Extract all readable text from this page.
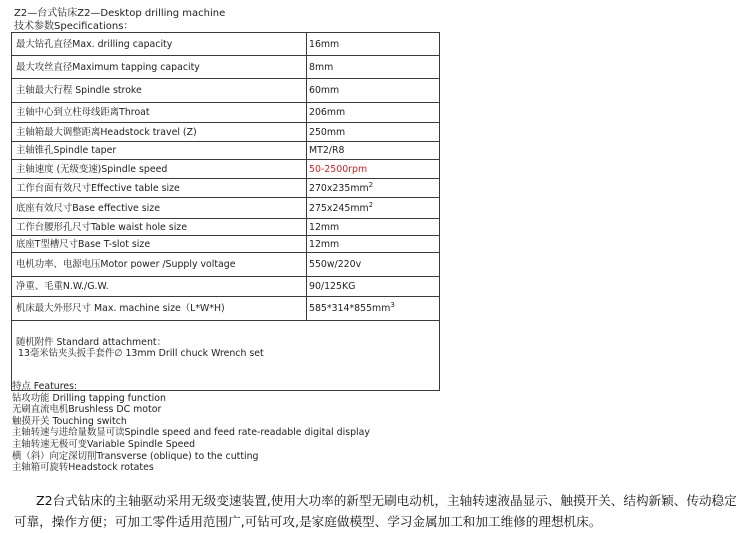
Z2—台式钻床Z2—Desktop drilling machine
技术参数Specifications：
最大钻孔直径Max. drilling capacity	16mm
最大攻丝直径Maximum tapping capacity	8mm
主轴最大行程 Spindle stroke	60mm
主轴中心到立柱母线距离Throat	206mm
主轴箱最大调整距离Headstock travel (Z)	250mm
主轴锥孔Spindle taper	MT2/R8
主轴速度 (无级变速)Spindle speed	50-2500rpm
工作台面有效尺寸Effective table size	$270x235mm^2$
底座有效尺寸Base effective size	$275x245mm^2$
工作台腰形孔尺寸Table waist hole size	12mm
底座T型槽尺寸Base T-slot size	12mm
电机功率、电源电压Motor power /Supply voltage	550w/220v
净重、毛重N.W./G.W.	90/125KG
机床最大外形尺寸 Max. machine size（L*W*H)	$585*314*855mm^3$

随机附件 Standard attachment：
13毫米钻夹头扳手套件∅ 13mm Drill chuck Wrench set	
特点 Features:
钻攻功能 Drilling tapping function
无刷直流电机Brushless DC motor
触摸开关 Touching switch
主轴转速与进给量数显可读Spindle speed and feed rate-readable digital display
主轴转速无极可变Variable Spindle Speed
横（斜）向定深切削Transverse (oblique) to the cutting
主轴箱可旋转Headstock rotates
Z2台式钻床的主轴驱动采用无级变速装置,使用大功率的新型无刷电动机，主轴转速液晶显示、触摸开关、结构新颖、传动稳定可靠，操作方便；可加工零件适用范围广,可钻可攻,是家庭做模型、学习金属加工和加工维修的理想机床。
